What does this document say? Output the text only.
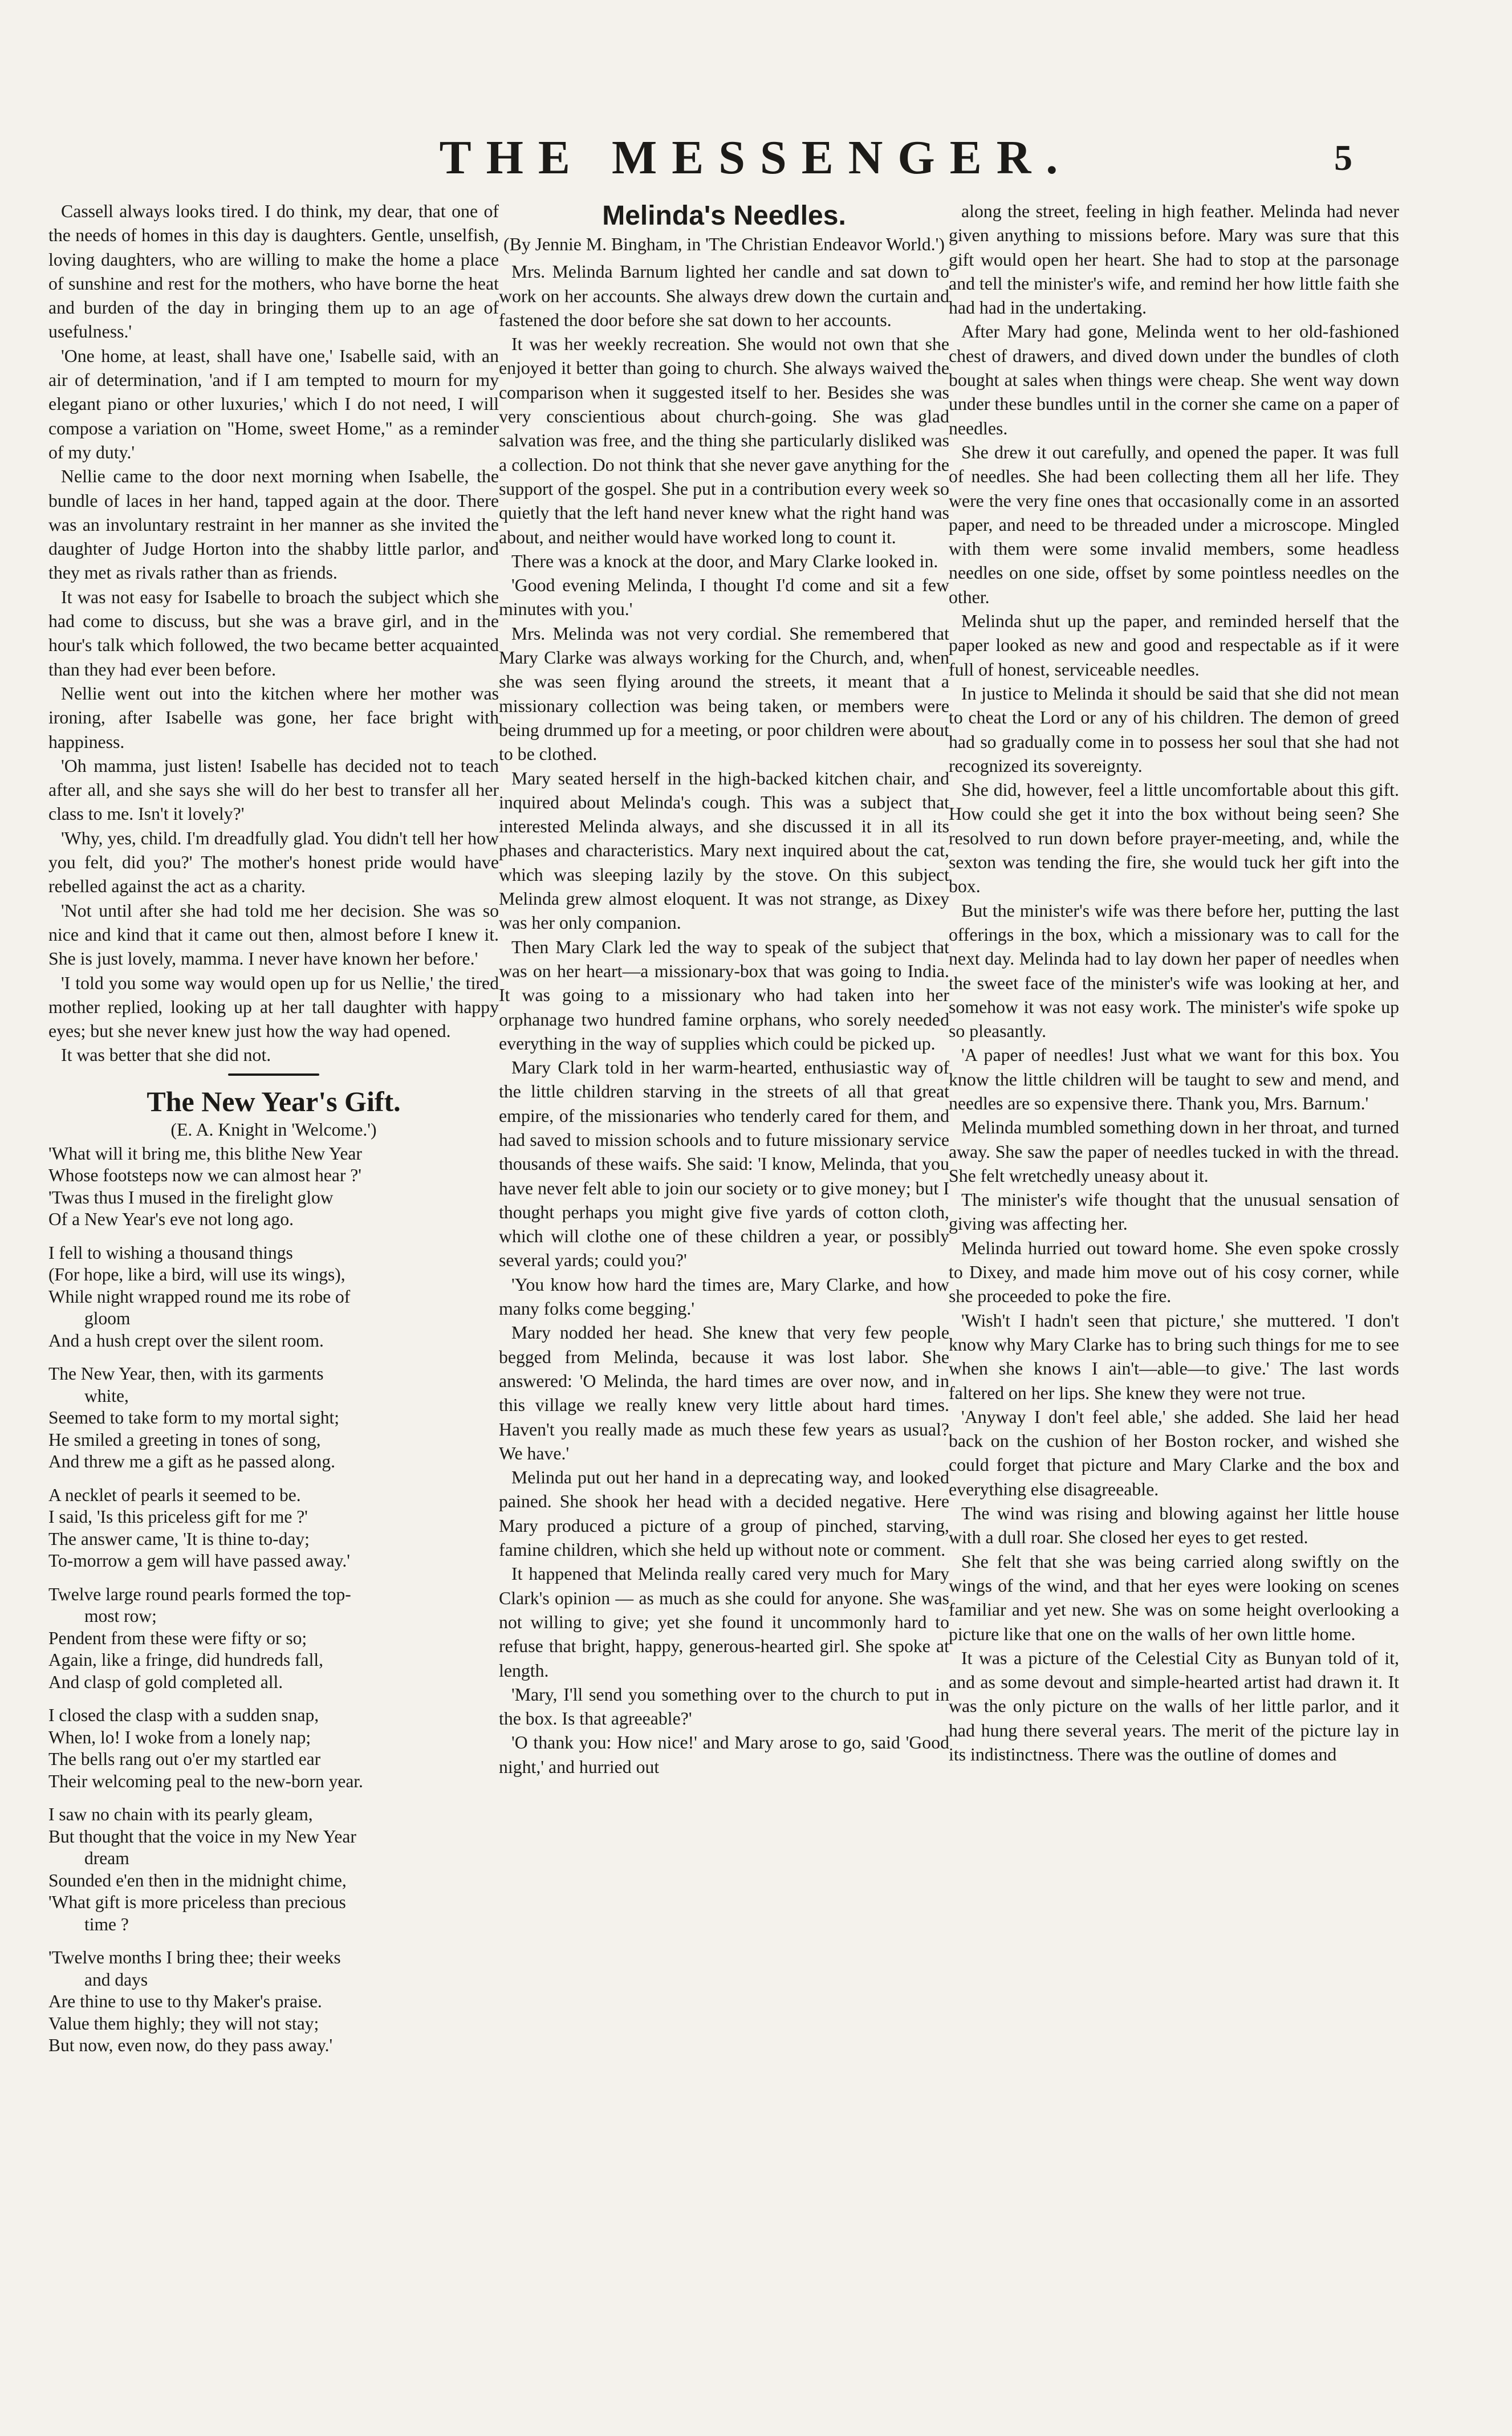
THE MESSENGER.	5

Cassell always looks tired. I do think, my dear, that one of the needs of homes in this day is daughters. Gentle, unselfish, loving daughters, who are willing to make the home a place of sunshine and rest for the mothers, who have borne the heat and burden of the day in bringing them up to an age of usefulness.'

'One home, at least, shall have one,' Isabelle said, with an air of determination, 'and if I am tempted to mourn for my elegant piano or other luxuries,' which I do not need, I will compose a variation on "Home, sweet Home," as a reminder of my duty.'

Nellie came to the door next morning when Isabelle, the bundle of laces in her hand, tapped again at the door. There was an involuntary restraint in her manner as she invited the daughter of Judge Horton into the shabby little parlor, and they met as rivals rather than as friends.

It was not easy for Isabelle to broach the subject which she had come to discuss, but she was a brave girl, and in the hour's talk which followed, the two became better acquainted than they had ever been before.

Nellie went out into the kitchen where her mother was ironing, after Isabelle was gone, her face bright with happiness.

'Oh mamma, just listen! Isabelle has decided not to teach after all, and she says she will do her best to transfer all her class to me. Isn't it lovely?'

'Why, yes, child. I'm dreadfully glad. You didn't tell her how you felt, did you?' The mother's honest pride would have rebelled against the act as a charity.

'Not until after she had told me her decision. She was so nice and kind that it came out then, almost before I knew it. She is just lovely, mamma. I never have known her before.'

'I told you some way would open up for us Nellie,' the tired mother replied, looking up at her tall daughter with happy eyes; but she never knew just how the way had opened.

It was better that she did not.

The New Year's Gift.

(E. A. Knight in 'Welcome.')

'What will it bring me, this blithe New Year
Whose footsteps now we can almost hear ?'
'Twas thus I mused in the firelight glow
Of a New Year's eve not long ago.
I fell to wishing a thousand things
(For hope, like a bird, will use its wings),
While night wrapped round me its robe of
gloom
And a hush crept over the silent room.
The New Year, then, with its garments
white,
Seemed to take form to my mortal sight;
He smiled a greeting in tones of song,
And threw me a gift as he passed along.
A necklet of pearls it seemed to be.
I said, 'Is this priceless gift for me ?'
The answer came, 'It is thine to-day;
To-morrow a gem will have passed away.'
Twelve large round pearls formed the top-
most row;
Pendent from these were fifty or so;
Again, like a fringe, did hundreds fall,
And clasp of gold completed all.
I closed the clasp with a sudden snap,
When, lo! I woke from a lonely nap;
The bells rang out o'er my startled ear
Their welcoming peal to the new-born year.
I saw no chain with its pearly gleam,
But thought that the voice in my New Year
dream
Sounded e'en then in the midnight chime,
'What gift is more priceless than precious
time ?
'Twelve months I bring thee; their weeks
and days
Are thine to use to thy Maker's praise.
Value them highly; they will not stay;
But now, even now, do they pass away.'
Melinda's Needles.

(By Jennie M. Bingham, in 'The Christian Endeavor World.')

Mrs. Melinda Barnum lighted her candle and sat down to work on her accounts. She always drew down the curtain and fastened the door before she sat down to her accounts.

It was her weekly recreation. She would not own that she enjoyed it better than going to church. She always waived the comparison when it suggested itself to her. Besides she was very conscientious about church-going. She was glad salvation was free, and the thing she particularly disliked was a collection. Do not think that she never gave anything for the support of the gospel. She put in a contribution every week so quietly that the left hand never knew what the right hand was about, and neither would have worked long to count it.

There was a knock at the door, and Mary Clarke looked in.

'Good evening Melinda, I thought I'd come and sit a few minutes with you.'

Mrs. Melinda was not very cordial. She remembered that Mary Clarke was always working for the Church, and, when she was seen flying around the streets, it meant that a missionary collection was being taken, or members were being drummed up for a meeting, or poor children were about to be clothed.

Mary seated herself in the high-backed kitchen chair, and inquired about Melinda's cough. This was a subject that interested Melinda always, and she discussed it in all its phases and characteristics. Mary next inquired about the cat, which was sleeping lazily by the stove. On this subject Melinda grew almost eloquent. It was not strange, as Dixey was her only companion.

Then Mary Clark led the way to speak of the subject that was on her heart—a missionary-box that was going to India. It was going to a missionary who had taken into her orphanage two hundred famine orphans, who sorely needed everything in the way of supplies which could be picked up.

Mary Clark told in her warm-hearted, enthusiastic way of the little children starving in the streets of all that great empire, of the missionaries who tenderly cared for them, and had saved to mission schools and to future missionary service thousands of these waifs. She said: 'I know, Melinda, that you have never felt able to join our society or to give money; but I thought perhaps you might give five yards of cotton cloth, which will clothe one of these children a year, or possibly several yards; could you?'

'You know how hard the times are, Mary Clarke, and how many folks come begging.'

Mary nodded her head. She knew that very few people begged from Melinda, because it was lost labor. She answered: 'O Melinda, the hard times are over now, and in this village we really knew very little about hard times. Haven't you really made as much these few years as usual? We have.'

Melinda put out her hand in a deprecating way, and looked pained. She shook her head with a decided negative. Here Mary produced a picture of a group of pinched, starving, famine children, which she held up without note or comment.

It happened that Melinda really cared very much for Mary Clark's opinion — as much as she could for anyone. She was not willing to give; yet she found it uncommonly hard to refuse that bright, happy, generous-hearted girl. She spoke at length.

'Mary, I'll send you something over to the church to put in the box. Is that agreeable?'

'O thank you: How nice!' and Mary arose to go, said 'Good night,' and hurried out

along the street, feeling in high feather. Melinda had never given anything to missions before. Mary was sure that this gift would open her heart. She had to stop at the parsonage and tell the minister's wife, and remind her how little faith she had had in the undertaking.

After Mary had gone, Melinda went to her old-fashioned chest of drawers, and dived down under the bundles of cloth bought at sales when things were cheap. She went way down under these bundles until in the corner she came on a paper of needles.

She drew it out carefully, and opened the paper. It was full of needles. She had been collecting them all her life. They were the very fine ones that occasionally come in an assorted paper, and need to be threaded under a microscope. Mingled with them were some invalid members, some headless needles on one side, offset by some pointless needles on the other.

Melinda shut up the paper, and reminded herself that the paper looked as new and good and respectable as if it were full of honest, serviceable needles.

In justice to Melinda it should be said that she did not mean to cheat the Lord or any of his children. The demon of greed had so gradually come in to possess her soul that she had not recognized its sovereignty.

She did, however, feel a little uncomfortable about this gift. How could she get it into the box without being seen? She resolved to run down before prayer-meeting, and, while the sexton was tending the fire, she would tuck her gift into the box.

But the minister's wife was there before her, putting the last offerings in the box, which a missionary was to call for the next day. Melinda had to lay down her paper of needles when the sweet face of the minister's wife was looking at her, and somehow it was not easy work. The minister's wife spoke up so pleasantly.

'A paper of needles! Just what we want for this box. You know the little children will be taught to sew and mend, and needles are so expensive there. Thank you, Mrs. Barnum.'

Melinda mumbled something down in her throat, and turned away. She saw the paper of needles tucked in with the thread. She felt wretchedly uneasy about it.

The minister's wife thought that the unusual sensation of giving was affecting her.

Melinda hurried out toward home. She even spoke crossly to Dixey, and made him move out of his cosy corner, while she proceeded to poke the fire.

'Wish't I hadn't seen that picture,' she muttered. 'I don't know why Mary Clarke has to bring such things for me to see when she knows I ain't—able—to give.' The last words faltered on her lips. She knew they were not true.

'Anyway I don't feel able,' she added. She laid her head back on the cushion of her Boston rocker, and wished she could forget that picture and Mary Clarke and the box and everything else disagreeable.

The wind was rising and blowing against her little house with a dull roar. She closed her eyes to get rested.

She felt that she was being carried along swiftly on the wings of the wind, and that her eyes were looking on scenes familiar and yet new. She was on some height overlooking a picture like that one on the walls of her own little home.

It was a picture of the Celestial City as Bunyan told of it, and as some devout and simple-hearted artist had drawn it. It was the only picture on the walls of her little parlor, and it had hung there several years. The merit of the picture lay in its indistinctness. There was the outline of domes and
